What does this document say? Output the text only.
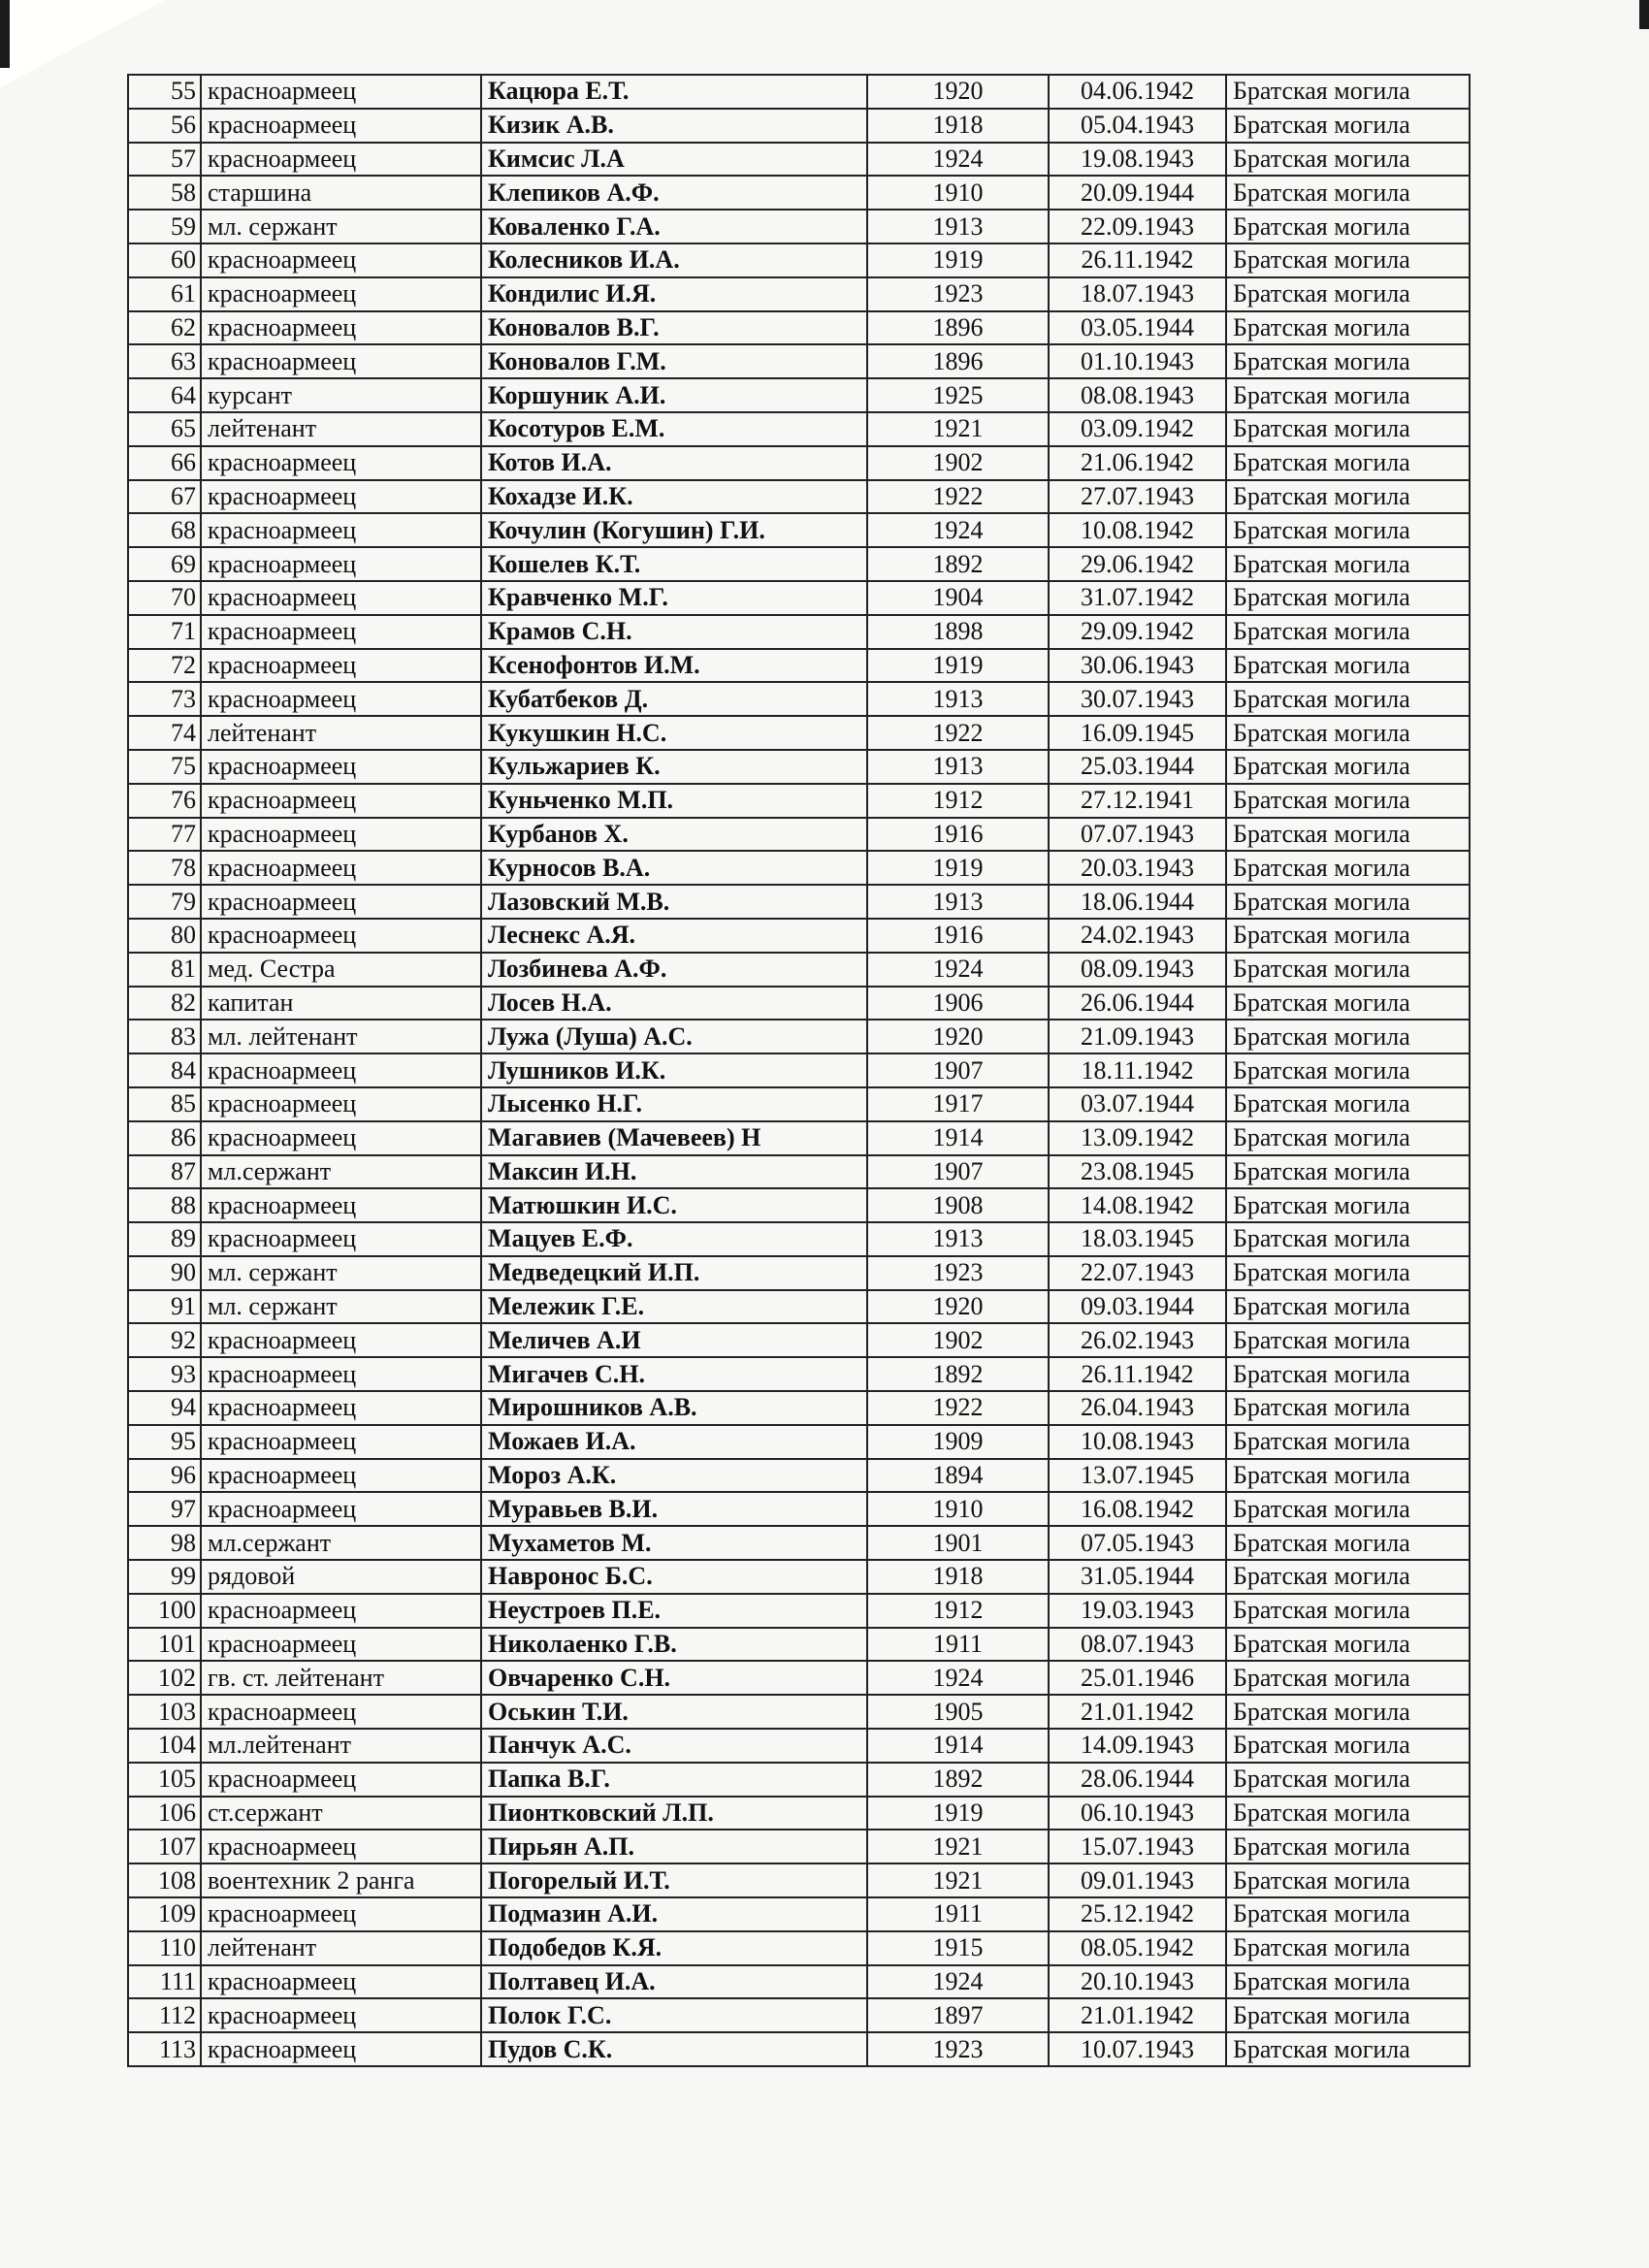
55	красноармеец	Кацюра Е.Т.	1920	04.06.1942	Братская могила
56	красноармеец	Кизик А.В.	1918	05.04.1943	Братская могила
57	красноармеец	Кимсис Л.А	1924	19.08.1943	Братская могила
58	старшина	Клепиков А.Ф.	1910	20.09.1944	Братская могила
59	мл. сержант	Коваленко Г.А.	1913	22.09.1943	Братская могила
60	красноармеец	Колесников И.А.	1919	26.11.1942	Братская могила
61	красноармеец	Кондилис И.Я.	1923	18.07.1943	Братская могила
62	красноармеец	Коновалов В.Г.	1896	03.05.1944	Братская могила
63	красноармеец	Коновалов Г.М.	1896	01.10.1943	Братская могила
64	курсант	Коршуник А.И.	1925	08.08.1943	Братская могила
65	лейтенант	Косотуров Е.М.	1921	03.09.1942	Братская могила
66	красноармеец	Котов И.А.	1902	21.06.1942	Братская могила
67	красноармеец	Кохадзе И.К.	1922	27.07.1943	Братская могила
68	красноармеец	Кочулин (Когушин) Г.И.	1924	10.08.1942	Братская могила
69	красноармеец	Кошелев К.Т.	1892	29.06.1942	Братская могила
70	красноармеец	Кравченко М.Г.	1904	31.07.1942	Братская могила
71	красноармеец	Крамов С.Н.	1898	29.09.1942	Братская могила
72	красноармеец	Ксенофонтов И.М.	1919	30.06.1943	Братская могила
73	красноармеец	Кубатбеков Д.	1913	30.07.1943	Братская могила
74	лейтенант	Кукушкин Н.С.	1922	16.09.1945	Братская могила
75	красноармеец	Кульжариев К.	1913	25.03.1944	Братская могила
76	красноармеец	Куньченко М.П.	1912	27.12.1941	Братская могила
77	красноармеец	Курбанов Х.	1916	07.07.1943	Братская могила
78	красноармеец	Курносов В.А.	1919	20.03.1943	Братская могила
79	красноармеец	Лазовский М.В.	1913	18.06.1944	Братская могила
80	красноармеец	Леснекс А.Я.	1916	24.02.1943	Братская могила
81	мед. Сестра	Лозбинева А.Ф.	1924	08.09.1943	Братская могила
82	капитан	Лосев Н.А.	1906	26.06.1944	Братская могила
83	мл. лейтенант	Лужа (Луша) А.С.	1920	21.09.1943	Братская могила
84	красноармеец	Лушников И.К.	1907	18.11.1942	Братская могила
85	красноармеец	Лысенко Н.Г.	1917	03.07.1944	Братская могила
86	красноармеец	Магавиев (Мачевеев) Н	1914	13.09.1942	Братская могила
87	мл.сержант	Максин И.Н.	1907	23.08.1945	Братская могила
88	красноармеец	Матюшкин И.С.	1908	14.08.1942	Братская могила
89	красноармеец	Мацуев Е.Ф.	1913	18.03.1945	Братская могила
90	мл. сержант	Медведецкий И.П.	1923	22.07.1943	Братская могила
91	мл. сержант	Мележик Г.Е.	1920	09.03.1944	Братская могила
92	красноармеец	Меличев А.И	1902	26.02.1943	Братская могила
93	красноармеец	Мигачев С.Н.	1892	26.11.1942	Братская могила
94	красноармеец	Мирошников А.В.	1922	26.04.1943	Братская могила
95	красноармеец	Можаев И.А.	1909	10.08.1943	Братская могила
96	красноармеец	Мороз А.К.	1894	13.07.1945	Братская могила
97	красноармеец	Муравьев В.И.	1910	16.08.1942	Братская могила
98	мл.сержант	Мухаметов М.	1901	07.05.1943	Братская могила
99	рядовой	Навронос Б.С.	1918	31.05.1944	Братская могила
100	красноармеец	Неустроев П.Е.	1912	19.03.1943	Братская могила
101	красноармеец	Николаенко Г.В.	1911	08.07.1943	Братская могила
102	гв. ст. лейтенант	Овчаренко С.Н.	1924	25.01.1946	Братская могила
103	красноармеец	Оськин Т.И.	1905	21.01.1942	Братская могила
104	мл.лейтенант	Панчук А.С.	1914	14.09.1943	Братская могила
105	красноармеец	Папка В.Г.	1892	28.06.1944	Братская могила
106	ст.сержант	Пионтковский Л.П.	1919	06.10.1943	Братская могила
107	красноармеец	Пирьян А.П.	1921	15.07.1943	Братская могила
108	воентехник 2 ранга	Погорелый И.Т.	1921	09.01.1943	Братская могила
109	красноармеец	Подмазин А.И.	1911	25.12.1942	Братская могила
110	лейтенант	Подобедов К.Я.	1915	08.05.1942	Братская могила
111	красноармеец	Полтавец И.А.	1924	20.10.1943	Братская могила
112	красноармеец	Полок Г.С.	1897	21.01.1942	Братская могила
113	красноармеец	Пудов С.К.	1923	10.07.1943	Братская могила
